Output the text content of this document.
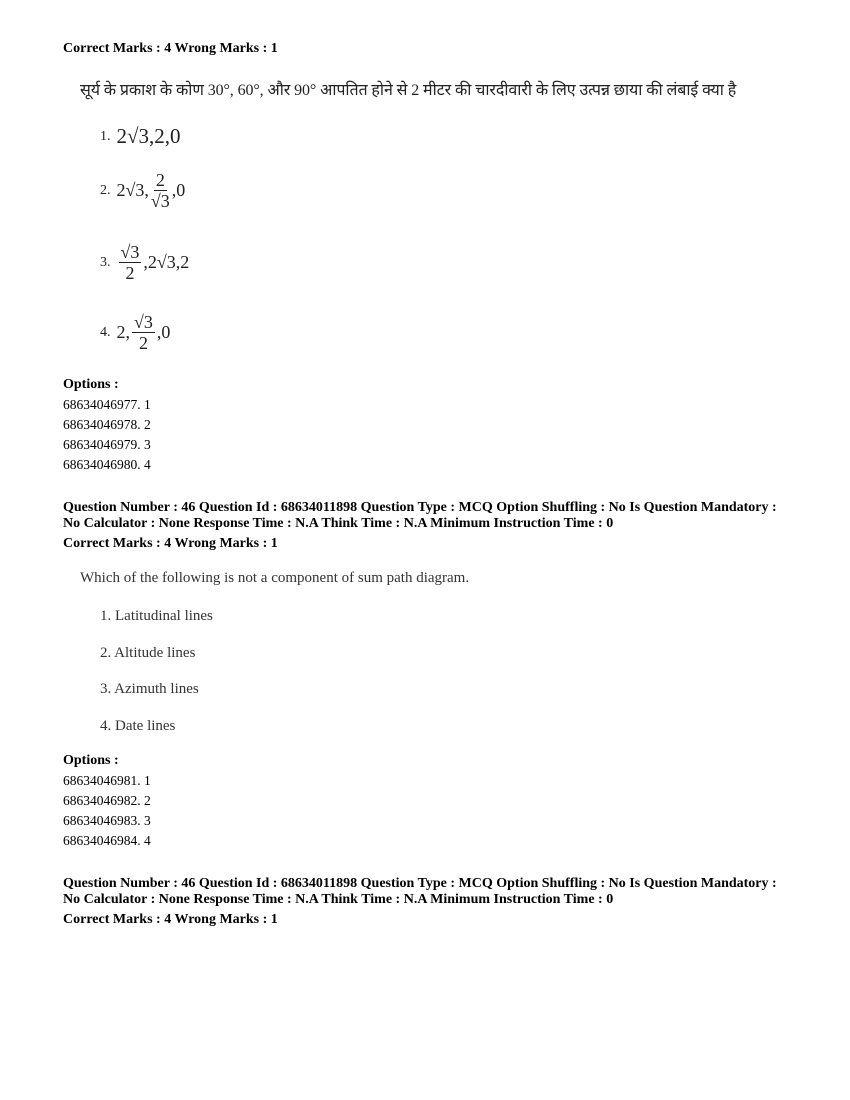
Correct Marks : 4 Wrong Marks : 1
सूर्य के प्रकाश के कोण 30°, 60°, और 90° आपतित होने से 2 मीटर की चारदीवारी के लिए उत्पन्न छाया की लंबाई क्या है
1. 2√3,2,0
2. 2√3, $\frac{2}{√3} ,0$
3. $\frac{√3}{2} ,2√3,2$
4. 2, $\frac{√3}{2} ,0$
Options :
68634046977. 1
68634046978. 2
68634046979. 3
68634046980. 4
Question Number : 46 Question Id : 68634011898 Question Type : MCQ Option Shuffling : No Is Question Mandatory :
No Calculator : None Response Time : N.A Think Time : N.A Minimum Instruction Time : 0
Correct Marks : 4 Wrong Marks : 1
Which of the following is not a component of sum path diagram.
1. Latitudinal lines
2. Altitude lines
3. Azimuth lines
4. Date lines
Options :
68634046981. 1
68634046982. 2
68634046983. 3
68634046984. 4
Question Number : 46 Question Id : 68634011898 Question Type : MCQ Option Shuffling : No Is Question Mandatory :
No Calculator : None Response Time : N.A Think Time : N.A Minimum Instruction Time : 0
Correct Marks : 4 Wrong Marks : 1
